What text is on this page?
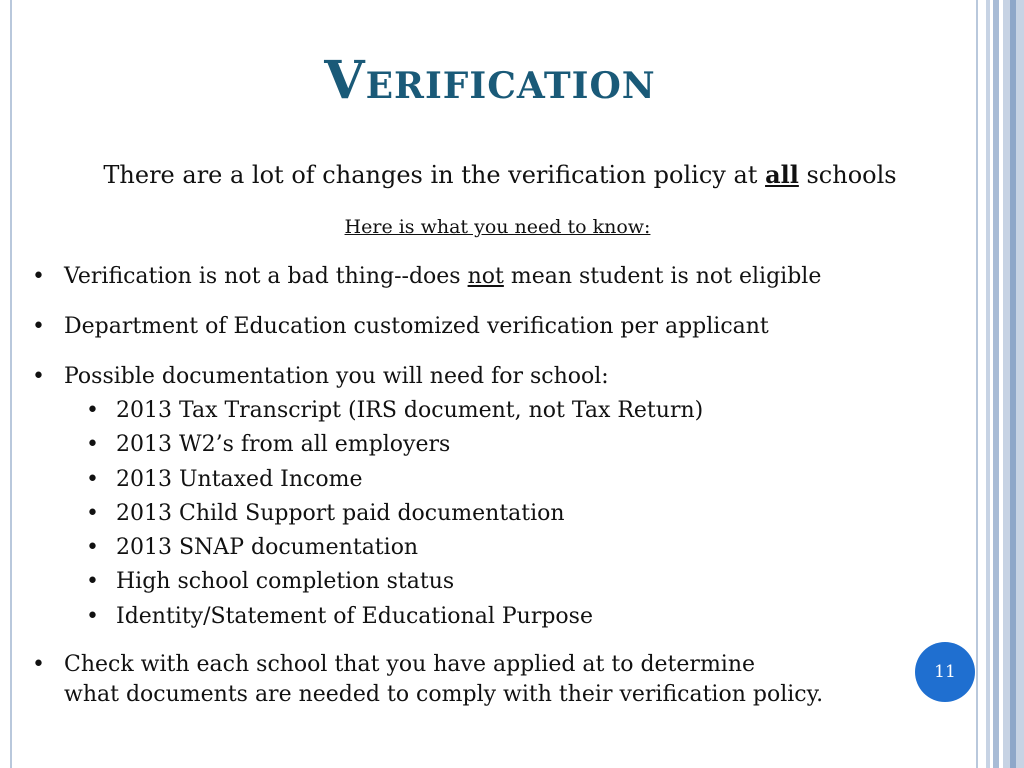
Verification
There are a lot of changes in the verification policy at all schools
Here is what you need to know:
• Verification is not a bad thing--does not mean student is not eligible
• Department of Education customized verification per applicant
• Possible documentation you will need for school:
• 2013 Tax Transcript (IRS document, not Tax Return)
• 2013 W2’s from all employers
• 2013 Untaxed Income
• 2013 Child Support paid documentation
• 2013 SNAP documentation
• High school completion status
• Identity/Statement of Educational Purpose
• Check with each school that you have applied at to determine
what documents are needed to comply with their verification policy.
11
